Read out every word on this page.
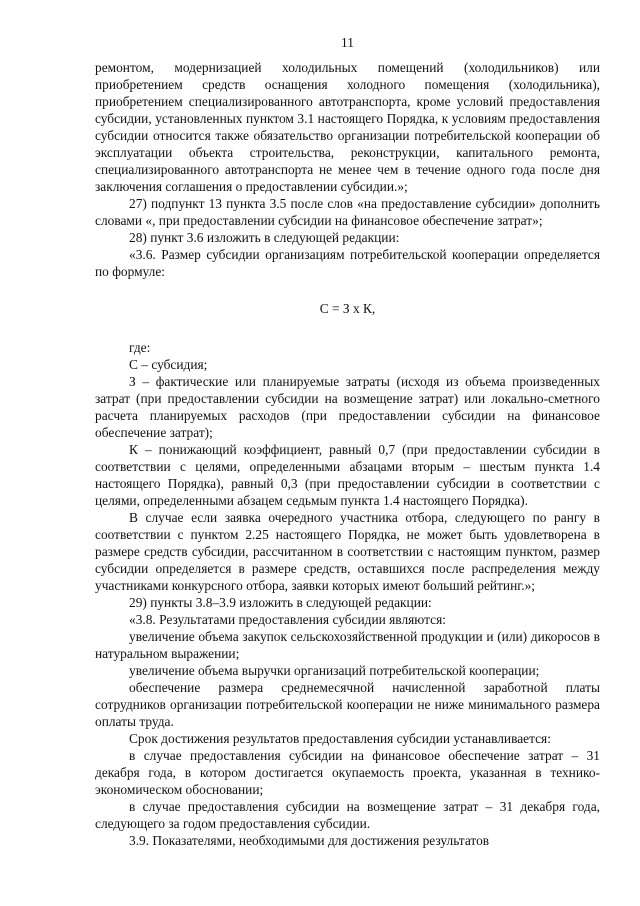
11

ремонтом, модернизацией холодильных помещений (холодильников) или приобретением средств оснащения холодного помещения (холодильника), приобретением специализированного автотранспорта, кроме условий предоставления субсидии, установленных пунктом 3.1 настоящего Порядка, к условиям предоставления субсидии относится также обязательство организации потребительской кооперации об эксплуатации объекта строительства, реконструкции, капитального ремонта, специализированного автотранспорта не менее чем в течение одного года после дня заключения соглашения о предоставлении субсидии.»;

27) подпункт 13 пункта 3.5 после слов «на предоставление субсидии» дополнить словами «, при предоставлении субсидии на финансовое обеспечение затрат»;

28) пункт 3.6 изложить в следующей редакции:

«3.6. Размер субсидии организациям потребительской кооперации определяется по формуле:

С = З х К,

где:

С – субсидия;

З – фактические или планируемые затраты (исходя из объема произведенных затрат (при предоставлении субсидии на возмещение затрат) или локально-сметного расчета планируемых расходов (при предоставлении субсидии на финансовое обеспечение затрат);

К – понижающий коэффициент, равный 0,7 (при предоставлении субсидии в соответствии с целями, определенными абзацами вторым – шестым пункта 1.4 настоящего Порядка), равный 0,3 (при предоставлении субсидии в соответствии с целями, определенными абзацем седьмым пункта 1.4 настоящего Порядка).

В случае если заявка очередного участника отбора, следующего по рангу в соответствии с пунктом 2.25 настоящего Порядка, не может быть удовлетворена в размере средств субсидии, рассчитанном в соответствии с настоящим пунктом, размер субсидии определяется в размере средств, оставшихся после распределения между участниками конкурсного отбора, заявки которых имеют больший рейтинг.»;

29) пункты 3.8–3.9 изложить в следующей редакции:

«3.8. Результатами предоставления субсидии являются:

увеличение объема закупок сельскохозяйственной продукции и (или) дикоросов в натуральном выражении;

увеличение объема выручки организаций потребительской кооперации;

обеспечение размера среднемесячной начисленной заработной платы сотрудников организации потребительской кооперации не ниже минимального размера оплаты труда.

Срок достижения результатов предоставления субсидии устанавливается:

в случае предоставления субсидии на финансовое обеспечение затрат – 31 декабря года, в котором достигается окупаемость проекта, указанная в технико-экономическом обосновании;

в случае предоставления субсидии на возмещение затрат – 31 декабря года, следующего за годом предоставления субсидии.

3.9. Показателями, необходимыми для достижения результатов
